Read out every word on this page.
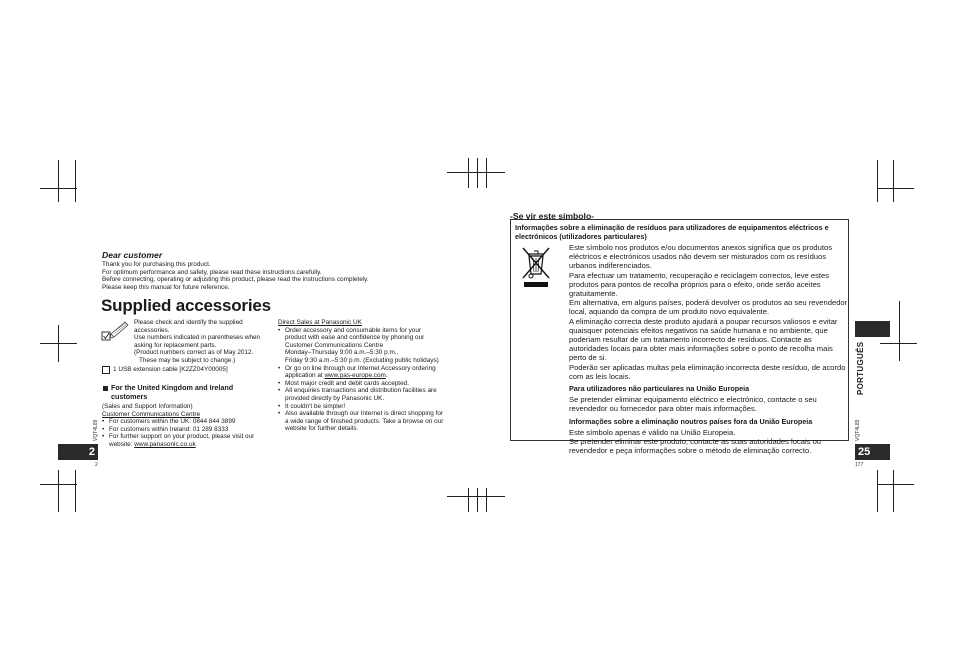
Dear customer
Thank you for purchasing this product.
For optimum performance and safety, please read these instructions carefully.
Before connecting, operating or adjusting this product, please read the instructions completely.
Please keep this manual for future reference.
Supplied accessories
Please check and identify the supplied
accessories.
Use numbers indicated in parentheses when
asking for replacement parts.
(Product numbers correct as of May 2012.
These may be subject to change.)
1 USB extension cable [K2ZZ04Y00005]
For the United Kingdom and Ireland
customers
(Sales and Support Information)
Customer Communications Centre
• For customers within the UK: 0844 844 3899
• For customers within Ireland: 01 289 8333
• For further support on your product, please visit our
website: www.panasonic.co.uk
Direct Sales at Panasonic UK
• Order accessory and consumable items for your
product with ease and confidence by phoning our
Customer Communications Centre
Monday–Thursday 9:00 a.m.–5:30 p.m.,
Friday 9:30 a.m.–5:30 p.m. (Excluding public holidays)
• Or go on line through our Internet Accessory ordering
application at www.pas-europe.com.
• Most major credit and debit cards accepted.
• All enquiries transactions and distribution facilities are provided directly by Panasonic UK.
• It couldn't be simpler!
• Also available through our Internet is direct shopping for a wide range of finished products. Take a browse on our website for further details.
2
VQT4L89
2
-Se vir este símbolo-
Informações sobre a eliminação de resíduos para utilizadores de equipamentos eléctricos e electrónicos (utilizadores particulares)

Este símbolo nos produtos e/ou documentos anexos significa que os produtos eléctricos e electrónicos usados não devem ser misturados com os resíduos urbanos indiferenciados.

Para efectuar um tratamento, recuperação e reciclagem correctos, leve estes produtos para pontos de recolha próprios para o efeito, onde serão aceites gratuitamente.

Em alternativa, em alguns países, poderá devolver os produtos ao seu revendedor local, aquando da compra de um produto novo equivalente.

A eliminação correcta deste produto ajudará a poupar recursos valiosos e evitar quaisquer potenciais efeitos negativos na saúde humana e no ambiente, que poderiam resultar de um tratamento incorrecto de resíduos. Contacte as autoridades locais para obter mais informações sobre o ponto de recolha mais perto de si.

Poderão ser aplicadas multas pela eliminação incorrecta deste resíduo, de acordo com as leis locais.

Para utilizadores não particulares na União Europeia

Se pretender eliminar equipamento eléctrico e electrónico, contacte o seu revendedor ou fornecedor para obter mais informações.

Informações sobre a eliminação noutros países fora da União Europeia

Este símbolo apenas é válido na União Europeia.

Se pretender eliminar este produto, contacte as suas autoridades locais ou revendedor e peça informações sobre o método de eliminação correcto.

PORTUGUÊS
25
VQT4L89
177
